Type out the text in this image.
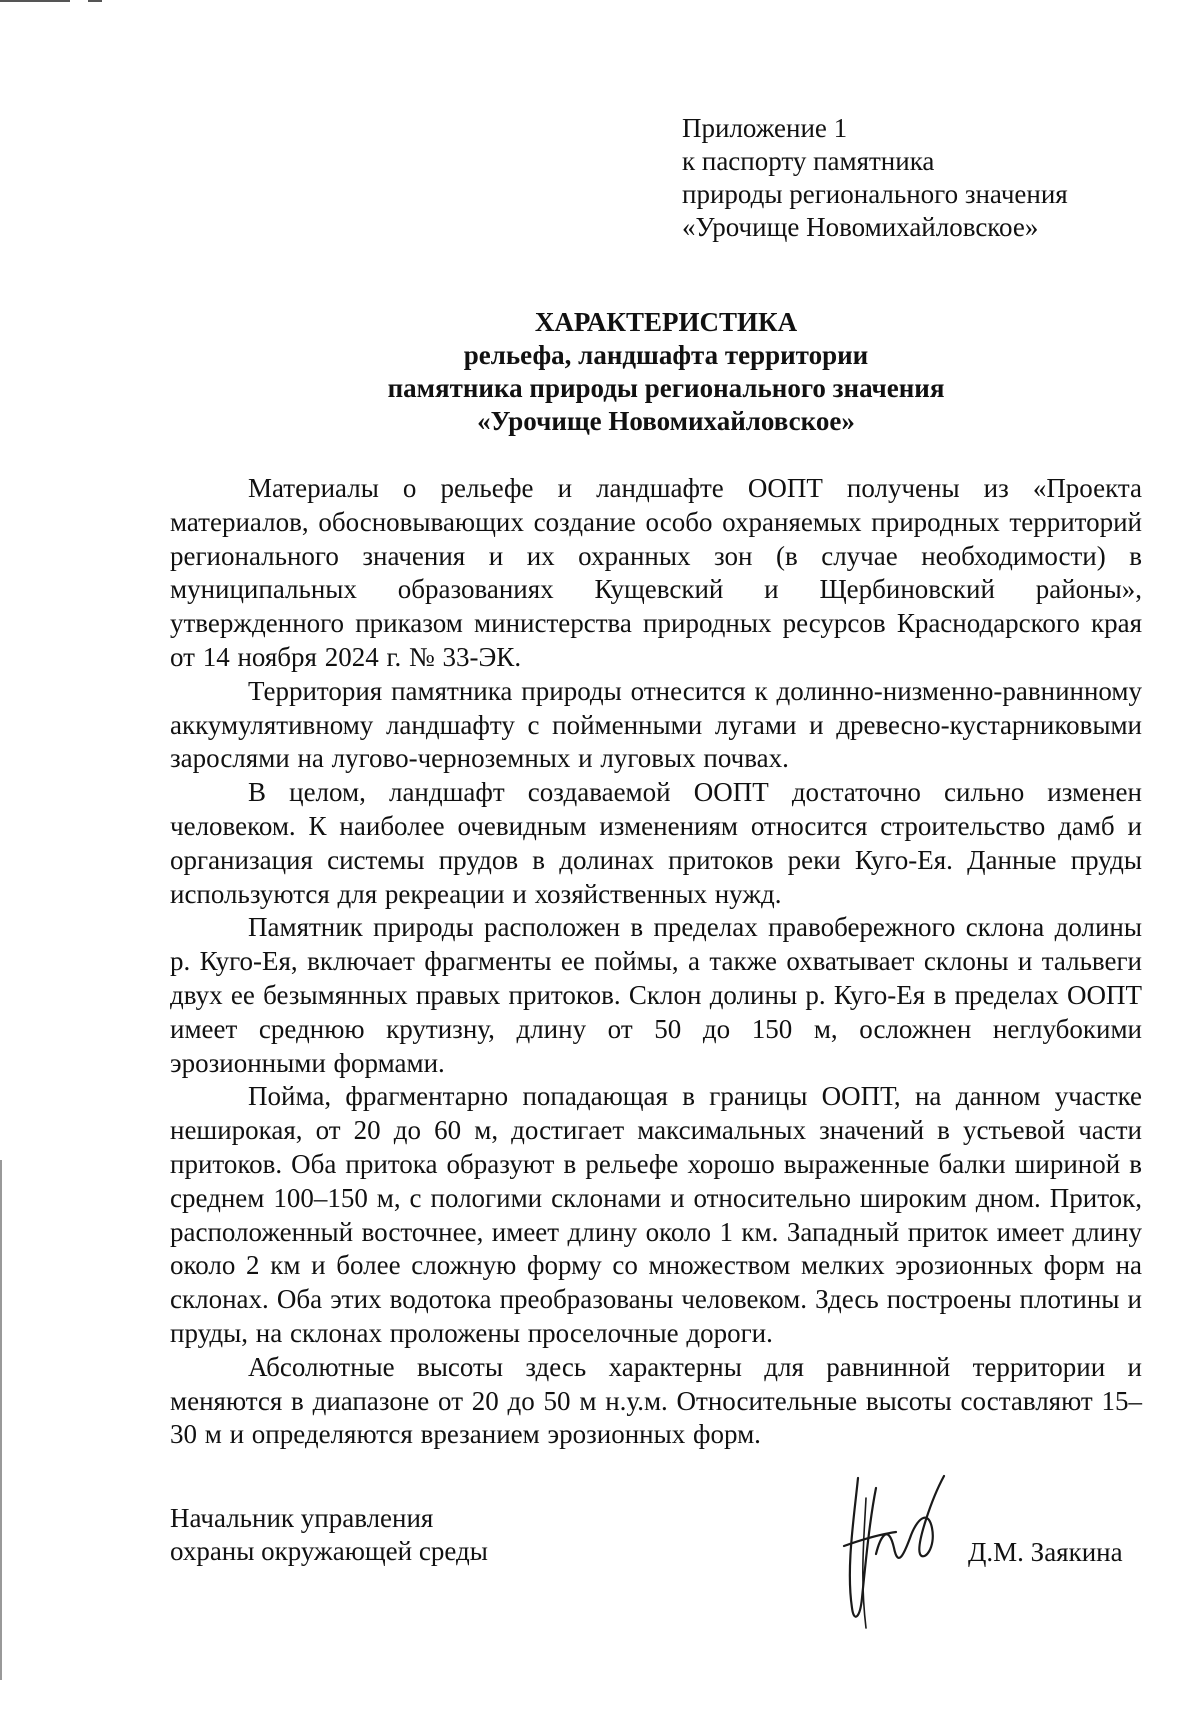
Приложение 1
к паспорту памятника
природы регионального значения
«Урочище Новомихайловское»
ХАРАКТЕРИСТИКА
рельефа, ландшафта территории
памятника природы регионального значения
«Урочище Новомихайловское»

Материалы о рельефе и ландшафте ООПТ получены из «Проекта материалов, обосновывающих создание особо охраняемых природных территорий регионального значения и их охранных зон (в случае необходимости) в муниципальных образованиях Кущевский и Щербиновский районы», утвержденного приказом министерства природных ресурсов Краснодарского края от 14 ноября 2024 г. № 33-ЭК.

Территория памятника природы отнесится к долинно-низменно-равнинному аккумулятивному ландшафту с пойменными лугами и древесно-кустарниковыми зарослями на лугово-черноземных и луговых почвах.

В целом, ландшафт создаваемой ООПТ достаточно сильно изменен человеком. К наиболее очевидным изменениям относится строительство дамб и организация системы прудов в долинах притоков реки Куго-Ея. Данные пруды используются для рекреации и хозяйственных нужд.

Памятник природы расположен в пределах правобережного склона долины р. Куго-Ея, включает фрагменты ее поймы, а также охватывает склоны и тальвеги двух ее безымянных правых притоков. Склон долины р. Куго-Ея в пределах ООПТ имеет среднюю крутизну, длину от 50 до 150 м, осложнен неглубокими эрозионными формами.

Пойма, фрагментарно попадающая в границы ООПТ, на данном участке неширокая, от 20 до 60 м, достигает максимальных значений в устьевой части притоков. Оба притока образуют в рельефе хорошо выраженные балки шириной в среднем 100–150 м, с пологими склонами и относительно широким дном. Приток, расположенный восточнее, имеет длину около 1 км. Западный приток имеет длину около 2 км и более сложную форму со множеством мелких эрозионных форм на склонах. Оба этих водотока преобразованы человеком. Здесь построены плотины и пруды, на склонах проложены проселочные дороги.

Абсолютные высоты здесь характерны для равнинной территории и меняются в диапазоне от 20 до 50 м н.у.м. Относительные высоты составляют 15–30 м и определяются врезанием эрозионных форм.

Начальник управления
охраны окружающей среды	Д.М. Заякина
